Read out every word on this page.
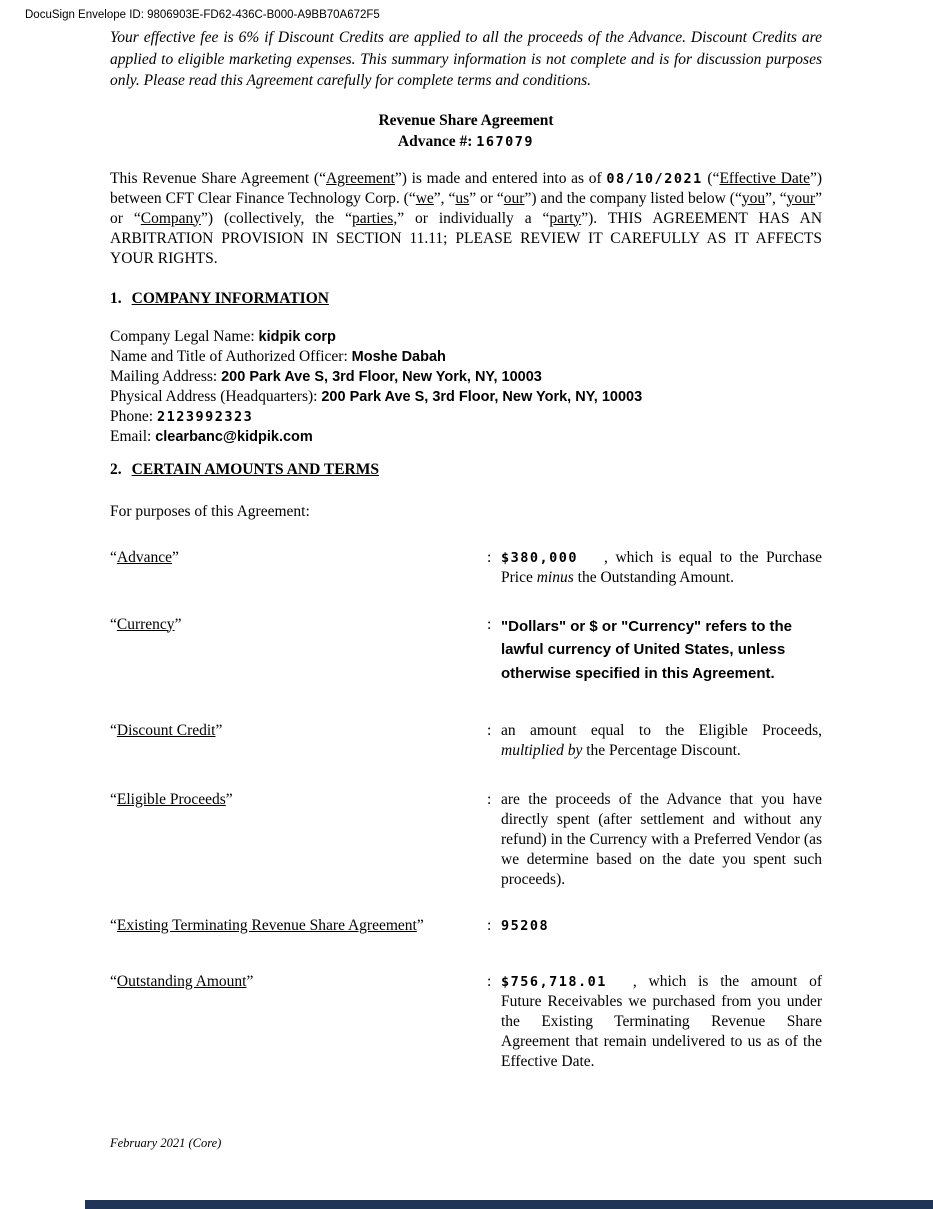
DocuSign Envelope ID: 9806903E-FD62-436C-B000-A9BB70A672F5
Your effective fee is 6% if Discount Credits are applied to all the proceeds of the Advance. Discount Credits are applied to eligible marketing expenses. This summary information is not complete and is for discussion purposes only. Please read this Agreement carefully for complete terms and conditions.
Revenue Share Agreement
Advance #: 167079
This Revenue Share Agreement (“Agreement”) is made and entered into as of 08/10/2021 (“Effective Date”) between CFT Clear Finance Technology Corp. (“we”, “us” or “our”) and the company listed below (“you”, “your” or “Company”) (collectively, the “parties,” or individually a “party”). THIS AGREEMENT HAS AN ARBITRATION PROVISION IN SECTION 11.11; PLEASE REVIEW IT CAREFULLY AS IT AFFECTS YOUR RIGHTS.
1. COMPANY INFORMATION
Company Legal Name: kidpik corp
Name and Title of Authorized Officer: Moshe Dabah
Mailing Address: 200 Park Ave S, 3rd Floor, New York, NY, 10003
Physical Address (Headquarters): 200 Park Ave S, 3rd Floor, New York, NY, 10003
Phone: 2123992323
Email: clearbanc@kidpik.com
2. CERTAIN AMOUNTS AND TERMS
For purposes of this Agreement:
“Advance”	: $380,000 , which is equal to the Purchase Price minus the Outstanding Amount.
“Currency”	: "Dollars" or $ or "Currency" refers to the lawful currency of United States, unless otherwise specified in this Agreement.
“Discount Credit”	: an amount equal to the Eligible Proceeds, multiplied by the Percentage Discount.
“Eligible Proceeds”	: are the proceeds of the Advance that you have directly spent (after settlement and without any refund) in the Currency with a Preferred Vendor (as we determine based on the date you spent such proceeds).
“Existing Terminating Revenue Share Agreement”	: 95208
“Outstanding Amount”	: $756,718.01 , which is the amount of Future Receivables we purchased from you under the Existing Terminating Revenue Share Agreement that remain undelivered to us as of the Effective Date.
February 2021 (Core)
